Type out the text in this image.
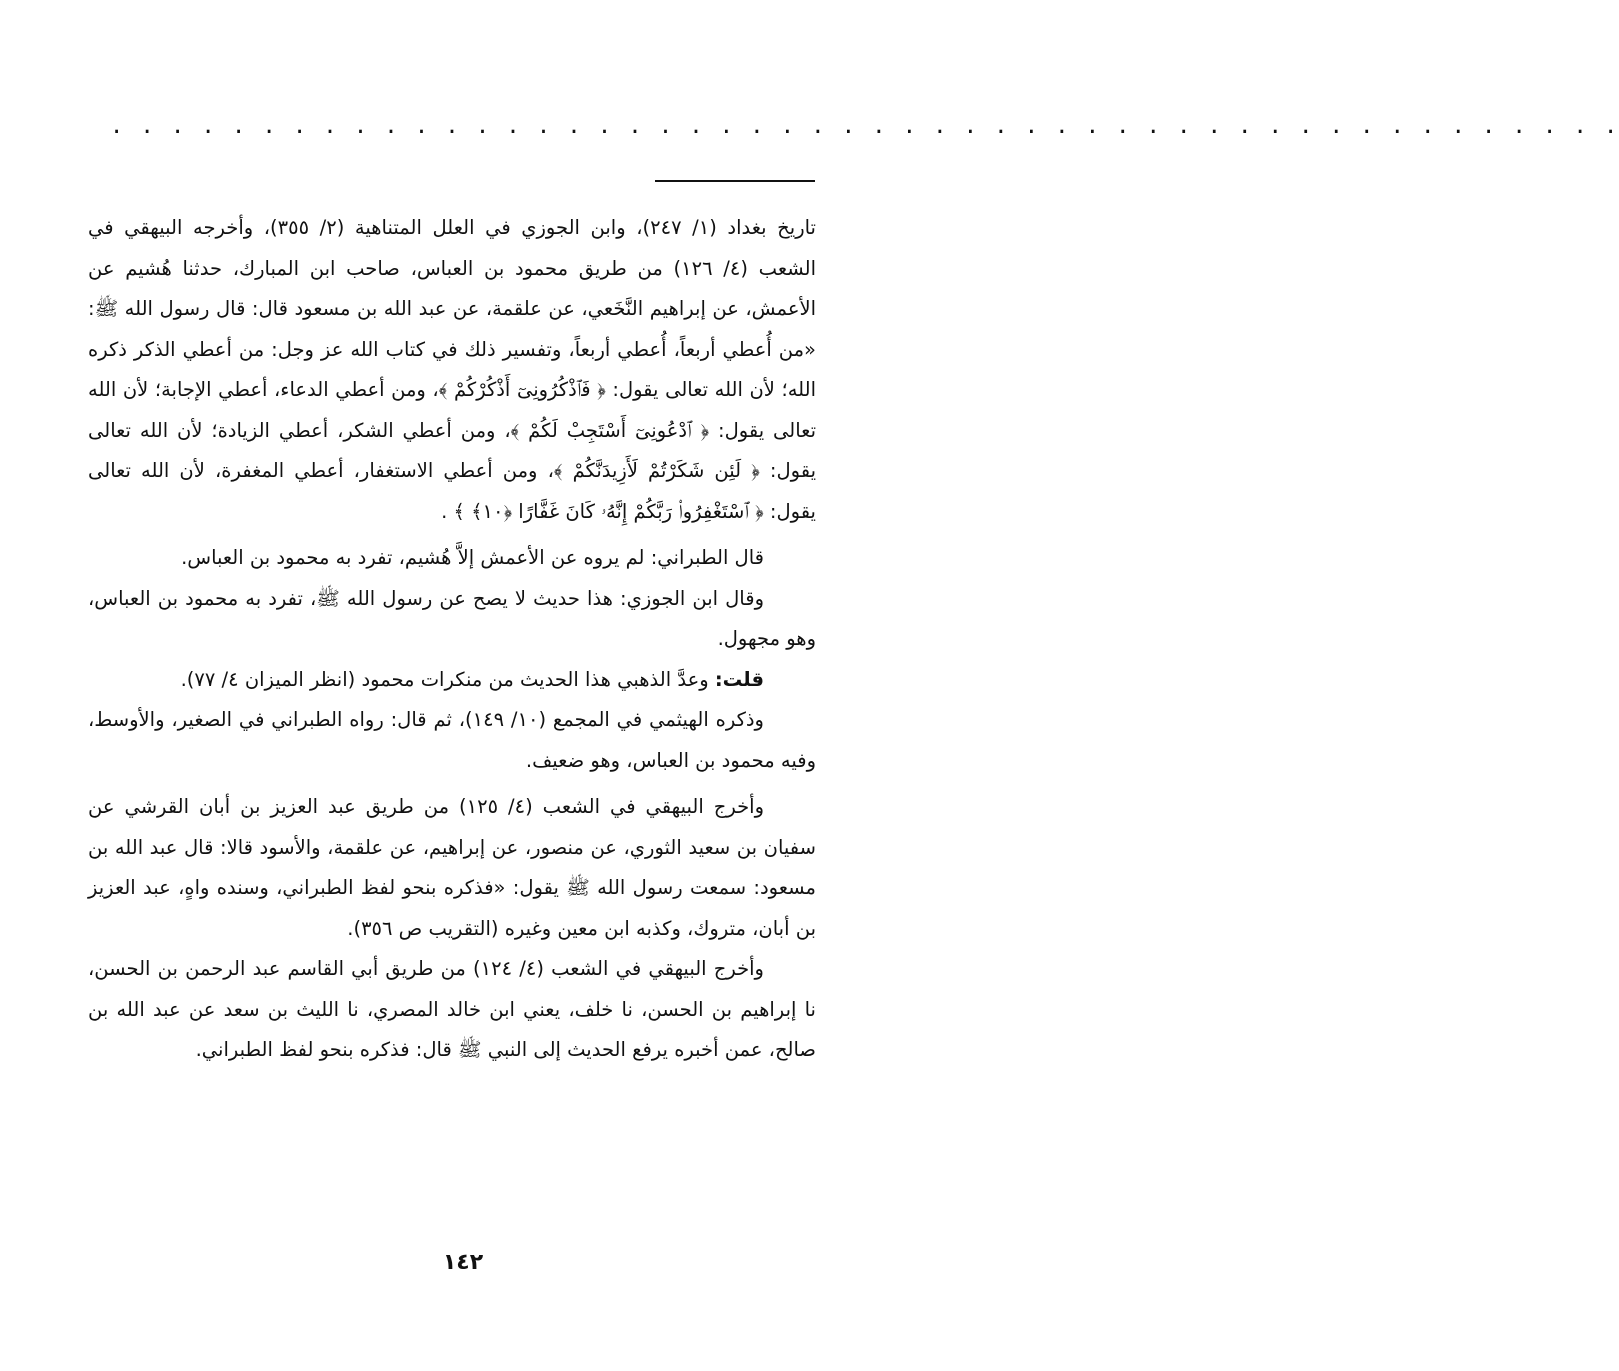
. . . . . . . . . . . . . . . . . . . . . . . . . . . . . . . . . . . . . . . . . . . . . . . . . .

تاريخ بغداد (١/ ٢٤٧)، وابن الجوزي في العلل المتناهية (٢/ ٣٥٥)، وأخرجه البيهقي في الشعب (٤/ ١٢٦) من طريق محمود بن العباس، صاحب ابن المبارك، حدثنا هُشيم عن الأعمش، عن إبراهيم النَّخَعي، عن علقمة، عن عبد الله بن مسعود قال: قال رسول الله ﷺ: «من أُعطي أربعاً، أُعطي أربعاً، وتفسير ذلك في كتاب الله عز وجل: من أعطي الذكر ذكره الله؛ لأن الله تعالى يقول: ﴿ فَٱذْكُرُونِىٓ أَذْكُرْكُمْ ﴾، ومن أعطي الدعاء، أعطي الإجابة؛ لأن الله تعالى يقول: ﴿ ٱدْعُونِىٓ أَسْتَجِبْ لَكُمْ ﴾، ومن أعطي الشكر، أعطي الزيادة؛ لأن الله تعالى يقول: ﴿ لَئِن شَكَرْتُمْ لَأَزِيدَنَّكُمْ ﴾، ومن أعطي الاستغفار، أعطي المغفرة، لأن الله تعالى يقول: ﴿ ٱسْتَغْفِرُوا۟ رَبَّكُمْ إِنَّهُۥ كَانَ غَفَّارًا ﴿١٠﴾ ﴾ .

قال الطبراني: لم يروه عن الأعمش إلاَّ هُشيم، تفرد به محمود بن العباس.

وقال ابن الجوزي: هذا حديث لا يصح عن رسول الله ﷺ، تفرد به محمود بن العباس، وهو مجهول.

قلت: وعدَّ الذهبي هذا الحديث من منكرات محمود (انظر الميزان ٤/ ٧٧).

وذكره الهيثمي في المجمع (١٠/ ١٤٩)، ثم قال: رواه الطبراني في الصغير، والأوسط، وفيه محمود بن العباس، وهو ضعيف.

وأخرج البيهقي في الشعب (٤/ ١٢٥) من طريق عبد العزيز بن أبان القرشي عن سفيان بن سعيد الثوري، عن منصور، عن إبراهيم، عن علقمة، والأسود قالا: قال عبد الله بن مسعود: سمعت رسول الله ﷺ يقول: «فذكره بنحو لفظ الطبراني، وسنده واهٍ، عبد العزيز بن أبان، متروك، وكذبه ابن معين وغيره (التقريب ص ٣٥٦).

وأخرج البيهقي في الشعب (٤/ ١٢٤) من طريق أبي القاسم عبد الرحمن بن الحسن، نا إبراهيم بن الحسن، نا خلف، يعني ابن خالد المصري، نا الليث بن سعد عن عبد الله بن صالح، عمن أخبره يرفع الحديث إلى النبي ﷺ قال: فذكره بنحو لفظ الطبراني.

١٤٢
